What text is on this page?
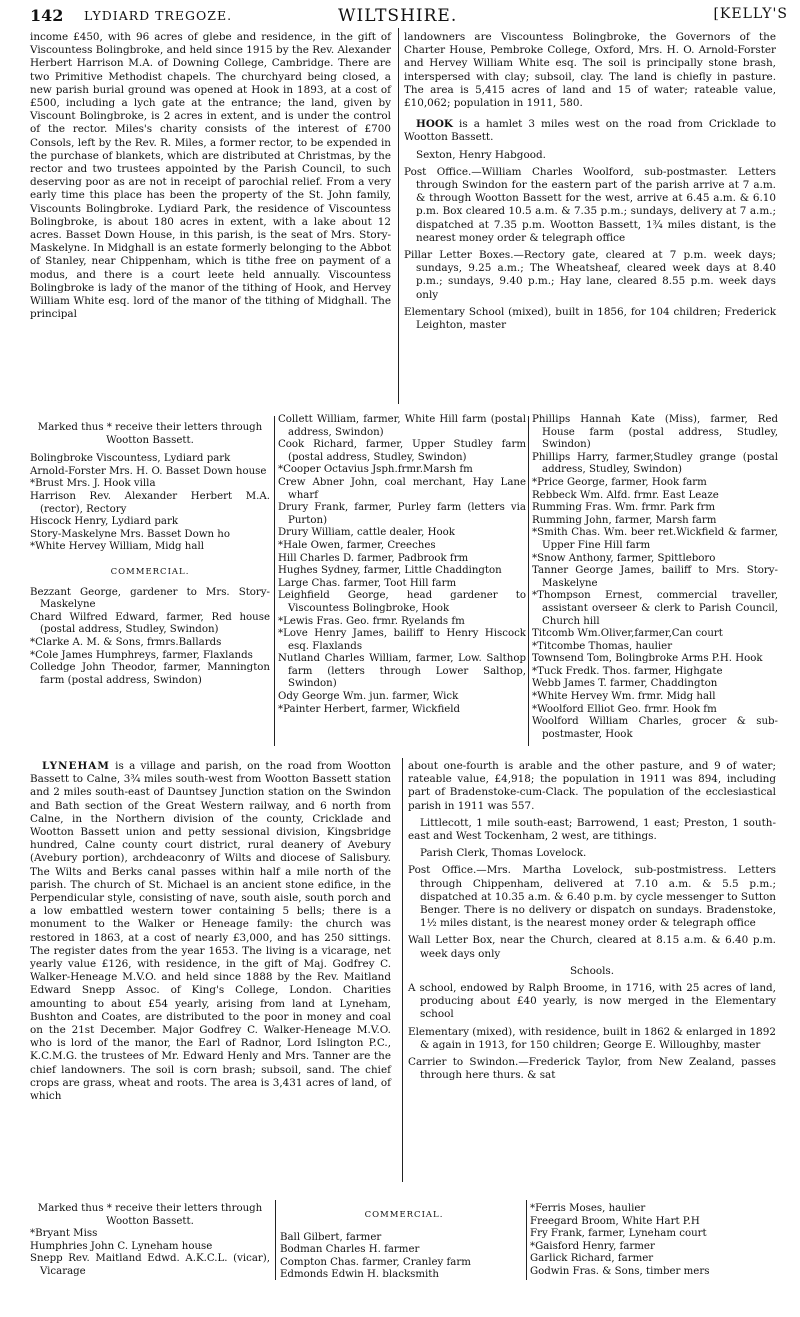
142 LYDIARD TREGOZE.	WILTSHIRE.	[KELLY'S

income £450, with 96 acres of glebe and residence, in the gift of Viscountess Bolingbroke, and held since 1915 by the Rev. Alexander Herbert Harrison M.A. of Downing College, Cambridge. There are two Primitive Methodist chapels. The churchyard being closed, a new parish burial ground was opened at Hook in 1893, at a cost of £500, including a lych gate at the entrance; the land, given by Viscount Bolingbroke, is 2 acres in extent, and is under the control of the rector. Miles's charity consists of the interest of £700 Consols, left by the Rev. R. Miles, a former rector, to be expended in the purchase of blankets, which are distributed at Christmas, by the rector and two trustees appointed by the Parish Council, to such deserving poor as are not in receipt of parochial relief. From a very early time this place has been the property of the St. John family, Viscounts Bolingbroke. Lydiard Park, the residence of Viscountess Bolingbroke, is about 180 acres in extent, with a lake about 12 acres. Basset Down House, in this parish, is the seat of Mrs. Story-Maskelyne. In Midghall is an estate formerly belonging to the Abbot of Stanley, near Chippenham, which is tithe free on payment of a modus, and there is a court leete held annually. Viscountess Bolingbroke is lady of the manor of the tithing of Hook, and Hervey William White esq. lord of the manor of the tithing of Midghall. The principal

landowners are Viscountess Bolingbroke, the Governors of the Charter House, Pembroke College, Oxford, Mrs. H. O. Arnold-Forster and Hervey William White esq. The soil is principally stone brash, interspersed with clay; subsoil, clay. The land is chiefly in pasture. The area is 5,415 acres of land and 15 of water; rateable value, £10,062; population in 1911, 580.

HOOK is a hamlet 3 miles west on the road from Cricklade to Wootton Bassett.

Sexton, Henry Habgood.

Post Office.—William Charles Woolford, sub-postmaster. Letters through Swindon for the eastern part of the parish arrive at 7 a.m. & through Wootton Bassett for the west, arrive at 6.45 a.m. & 6.10 p.m. Box cleared 10.5 a.m. & 7.35 p.m.; sundays, delivery at 7 a.m.; dispatched at 7.35 p.m. Wootton Bassett, 1¾ miles distant, is the nearest money order & telegraph office

Pillar Letter Boxes.—Rectory gate, cleared at 7 p.m. week days; sundays, 9.25 a.m.; The Wheatsheaf, cleared week days at 8.40 p.m.; sundays, 9.40 p.m.; Hay lane, cleared 8.55 p.m. week days only

Elementary School (mixed), built in 1856, for 104 children; Frederick Leighton, master

Marked thus * receive their letters through Wootton Bassett.

Bolingbroke Viscountess, Lydiard park

Arnold-Forster Mrs. H. O. Basset Down house

*Brust Mrs. J. Hook villa

Harrison Rev. Alexander Herbert M.A. (rector), Rectory

Hiscock Henry, Lydiard park

Story-Maskelyne Mrs. Basset Down ho

*White Hervey William, Midg hall

COMMERCIAL.

Bezzant George, gardener to Mrs. Story-Maskelyne

Chard Wilfred Edward, farmer, Red house (postal address, Studley, Swindon)

*Clarke A. M. & Sons, frmrs.Ballards

*Cole James Humphreys, farmer, Flaxlands

Colledge John Theodor, farmer, Mannington farm (postal address, Swindon)

Collett William, farmer, White Hill farm (postal address, Swindon)

Cook Richard, farmer, Upper Studley farm (postal address, Studley, Swindon)

*Cooper Octavius Jsph.frmr.Marsh fm

Crew Abner John, coal merchant, Hay Lane wharf

Drury Frank, farmer, Purley farm (letters via Purton)

Drury William, cattle dealer, Hook

*Hale Owen, farmer, Creeches

Hill Charles D. farmer, Padbrook frm

Hughes Sydney, farmer, Little Chaddington

Large Chas. farmer, Toot Hill farm

Leighfield George, head gardener to Viscountess Bolingbroke, Hook

*Lewis Fras. Geo. frmr. Ryelands fm

*Love Henry James, bailiff to Henry Hiscock esq. Flaxlands

Nutland Charles William, farmer, Low. Salthop farm (letters through Lower Salthop, Swindon)

Ody George Wm. jun. farmer, Wick

*Painter Herbert, farmer, Wickfield

Phillips Hannah Kate (Miss), farmer, Red House farm (postal address, Studley, Swindon)

Phillips Harry, farmer,Studley grange (postal address, Studley, Swindon)

*Price George, farmer, Hook farm

Rebbeck Wm. Alfd. frmr. East Leaze

Rumming Fras. Wm. frmr. Park frm

Rumming John, farmer, Marsh farm

*Smith Chas. Wm. beer ret.Wickfield & farmer, Upper Fine Hill farm

*Snow Anthony, farmer, Spittleboro

Tanner George James, bailiff to Mrs. Story-Maskelyne

*Thompson Ernest, commercial traveller, assistant overseer & clerk to Parish Council, Church hill

Titcomb Wm.Oliver,farmer,Can court

*Titcombe Thomas, haulier

Townsend Tom, Bolingbroke Arms P.H. Hook

*Tuck Fredk. Thos. farmer, Highgate

Webb James T. farmer, Chaddington

*White Hervey Wm. frmr. Midg hall

*Woolford Elliot Geo. frmr. Hook fm

Woolford William Charles, grocer & sub-postmaster, Hook

LYNEHAM is a village and parish, on the road from Wootton Bassett to Calne, 3¾ miles south-west from Wootton Bassett station and 2 miles south-east of Dauntsey Junction station on the Swindon and Bath section of the Great Western railway, and 6 north from Calne, in the Northern division of the county, Cricklade and Wootton Bassett union and petty sessional division, Kingsbridge hundred, Calne county court district, rural deanery of Avebury (Avebury portion), archdeaconry of Wilts and diocese of Salisbury. The Wilts and Berks canal passes within half a mile north of the parish. The church of St. Michael is an ancient stone edifice, in the Perpendicular style, consisting of nave, south aisle, south porch and a low embattled western tower containing 5 bells; there is a monument to the Walker or Heneage family: the church was restored in 1863, at a cost of nearly £3,000, and has 250 sittings. The register dates from the year 1653. The living is a vicarage, net yearly value £126, with residence, in the gift of Maj. Godfrey C. Walker-Heneage M.V.O. and held since 1888 by the Rev. Maitland Edward Snepp Assoc. of King's College, London. Charities amounting to about £54 yearly, arising from land at Lyneham, Bushton and Coates, are distributed to the poor in money and coal on the 21st December. Major Godfrey C. Walker-Heneage M.V.O. who is lord of the manor, the Earl of Radnor, Lord Islington P.C., K.C.M.G. the trustees of Mr. Edward Henly and Mrs. Tanner are the chief landowners. The soil is corn brash; subsoil, sand. The chief crops are grass, wheat and roots. The area is 3,431 acres of land, of which

about one-fourth is arable and the other pasture, and 9 of water; rateable value, £4,918; the population in 1911 was 894, including part of Bradenstoke-cum-Clack. The population of the ecclesiastical parish in 1911 was 557.

Littlecott, 1 mile south-east; Barrowend, 1 east; Preston, 1 south-east and West Tockenham, 2 west, are tithings.

Parish Clerk, Thomas Lovelock.

Post Office.—Mrs. Martha Lovelock, sub-postmistress. Letters through Chippenham, delivered at 7.10 a.m. & 5.5 p.m.; dispatched at 10.35 a.m. & 6.40 p.m. by cycle messenger to Sutton Benger. There is no delivery or dispatch on sundays. Bradenstoke, 1½ miles distant, is the nearest money order & telegraph office

Wall Letter Box, near the Church, cleared at 8.15 a.m. & 6.40 p.m. week days only

Schools.

A school, endowed by Ralph Broome, in 1716, with 25 acres of land, producing about £40 yearly, is now merged in the Elementary school

Elementary (mixed), with residence, built in 1862 & enlarged in 1892 & again in 1913, for 150 children; George E. Willoughby, master

Carrier to Swindon.—Frederick Taylor, from New Zealand, passes through here thurs. & sat

Marked thus * receive their letters through Wootton Bassett.

*Bryant Miss

Humphries John C. Lyneham house

Snepp Rev. Maitland Edwd. A.K.C.L. (vicar), Vicarage

COMMERCIAL.

Ball Gilbert, farmer

Bodman Charles H. farmer

Compton Chas. farmer, Cranley farm

Edmonds Edwin H. blacksmith

*Ferris Moses, haulier

Freegard Broom, White Hart P.H

Fry Frank, farmer, Lyneham court

*Gaisford Henry, farmer

Garlick Richard, farmer

Godwin Fras. & Sons, timber mers
